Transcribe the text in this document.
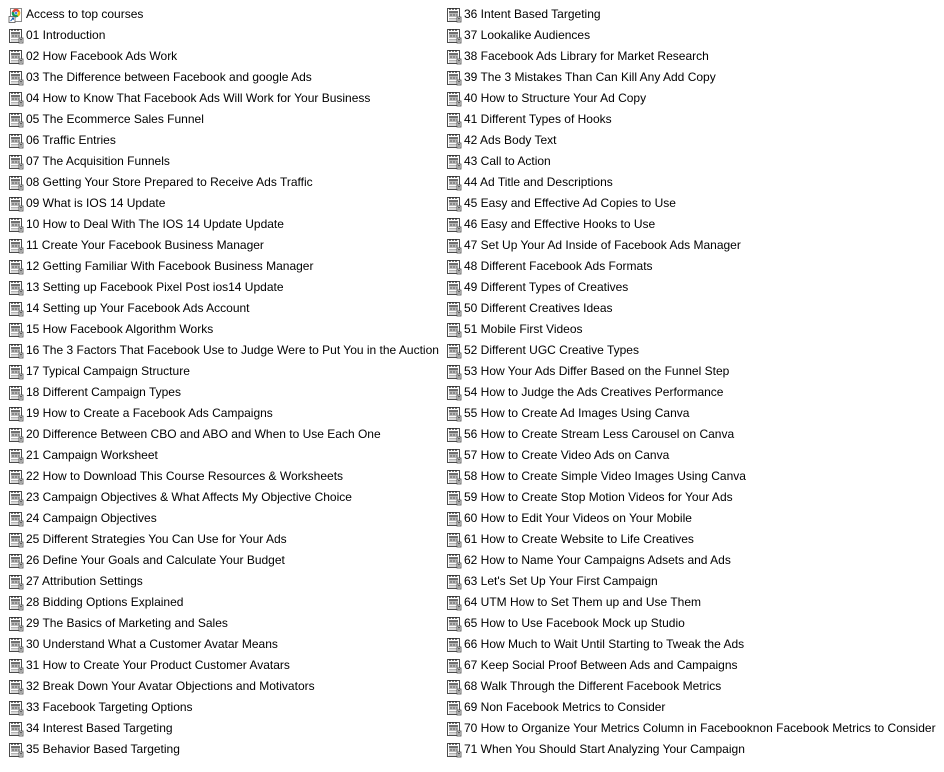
Access to top courses
01 Introduction
02 How Facebook Ads Work
03 The Difference between Facebook and google Ads
04 How to Know That Facebook Ads Will Work for Your Business
05 The Ecommerce Sales Funnel
06 Traffic Entries
07 The Acquisition Funnels
08 Getting Your Store Prepared to Receive Ads Traffic
09 What is IOS 14 Update
10 How to Deal With The IOS 14 Update Update
11 Create Your Facebook Business Manager
12 Getting Familiar With Facebook Business Manager
13 Setting up Facebook Pixel Post ios14 Update
14 Setting up Your Facebook Ads Account
15 How Facebook Algorithm Works
16 The 3 Factors That Facebook Use to Judge Were to Put You in the Auction
17 Typical Campaign Structure
18 Different Campaign Types
19 How to Create a Facebook Ads Campaigns
20 Difference Between CBO and ABO and When to Use Each One
21 Campaign Worksheet
22 How to Download This Course Resources & Worksheets
23 Campaign Objectives & What Affects My Objective Choice
24 Campaign Objectives
25 Different Strategies You Can Use for Your Ads
26 Define Your Goals and Calculate Your Budget
27 Attribution Settings
28 Bidding Options Explained
29 The Basics of Marketing and Sales
30 Understand What a Customer Avatar Means
31 How to Create Your Product Customer Avatars
32 Break Down Your Avatar Objections and Motivators
33 Facebook Targeting Options
34 Interest Based Targeting
35 Behavior Based Targeting
36 Intent Based Targeting
37 Lookalike Audiences
38 Facebook Ads Library for Market Research
39 The 3 Mistakes Than Can Kill Any Add Copy
40 How to Structure Your Ad Copy
41 Different Types of Hooks
42 Ads Body Text
43 Call to Action
44 Ad Title and Descriptions
45 Easy and Effective Ad Copies to Use
46 Easy and Effective Hooks to Use
47 Set Up Your Ad Inside of Facebook Ads Manager
48 Different Facebook Ads Formats
49 Different Types of Creatives
50 Different Creatives Ideas
51 Mobile First Videos
52 Different UGC Creative Types
53 How Your Ads Differ Based on the Funnel Step
54 How to Judge the Ads Creatives Performance
55 How to Create Ad Images Using Canva
56 How to Create Stream Less Carousel on Canva
57 How to Create Video Ads on Canva
58 How to Create Simple Video Images Using Canva
59 How to Create Stop Motion Videos for Your Ads
60 How to Edit Your Videos on Your Mobile
61 How to Create Website to Life Creatives
62 How to Name Your Campaigns Adsets and Ads
63 Let's Set Up Your First Campaign
64 UTM How to Set Them up and Use Them
65 How to Use Facebook Mock up Studio
66 How Much to Wait Until Starting to Tweak the Ads
67 Keep Social Proof Between Ads and Campaigns
68 Walk Through the Different Facebook Metrics
69 Non Facebook Metrics to Consider
70 How to Organize Your Metrics Column in Facebooknon Facebook Metrics to Consider
71 When You Should Start Analyzing Your Campaign
